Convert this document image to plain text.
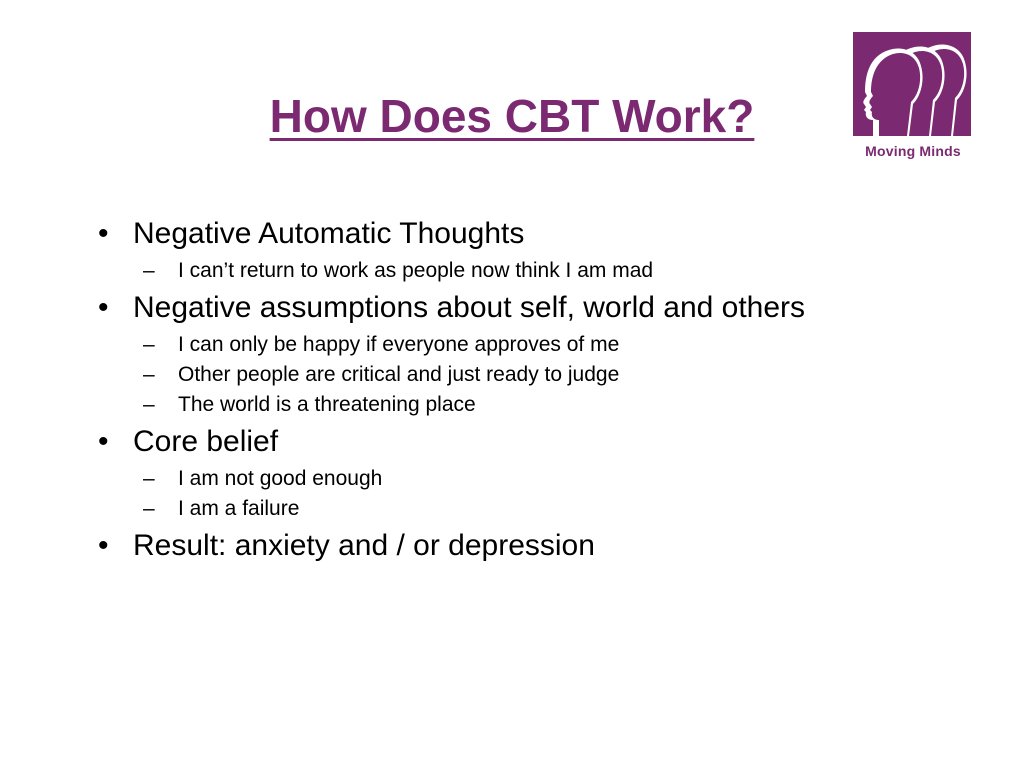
How Does CBT Work?
Moving Minds
• Negative Automatic Thoughts
– I can’t return to work as people now think I am mad
• Negative assumptions about self, world and others
– I can only be happy if everyone approves of me
– Other people are critical and just ready to judge
– The world is a threatening place
• Core belief
– I am not good enough
– I am a failure
• Result: anxiety and / or depression
